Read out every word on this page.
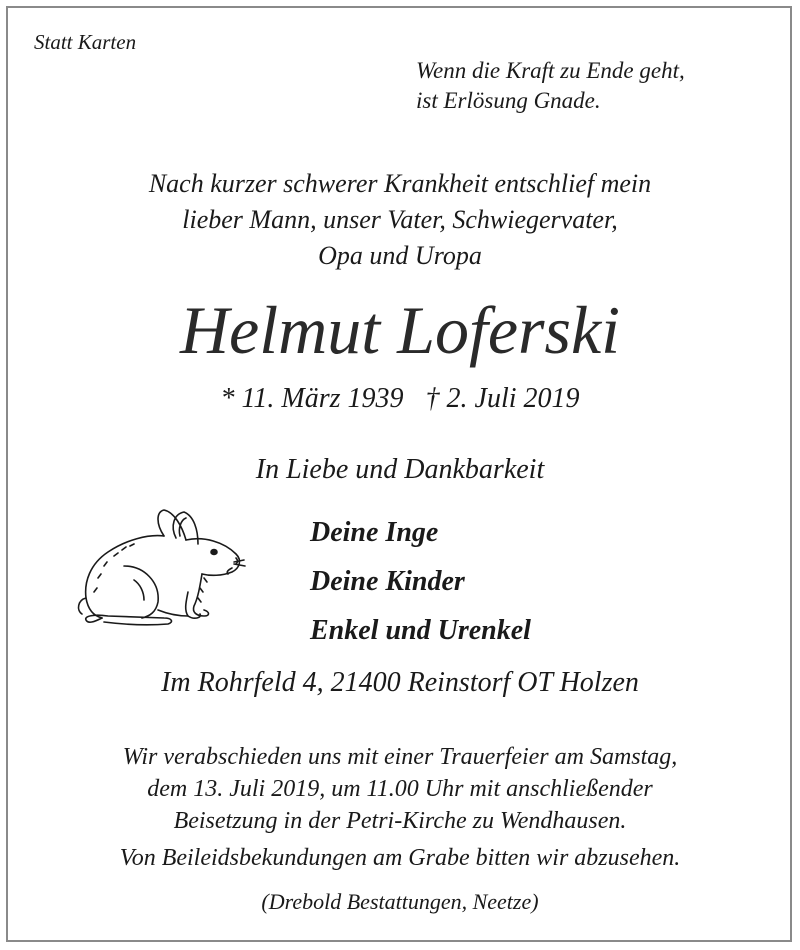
Statt Karten
Wenn die Kraft zu Ende geht,
ist Erlösung Gnade.
Nach kurzer schwerer Krankheit entschlief mein
lieber Mann, unser Vater, Schwiegervater,
Opa und Uropa
Helmut Loferski
* 11. März 1939 † 2. Juli 2019
In Liebe und Dankbarkeit
Deine Inge
Deine Kinder
Enkel und Urenkel
Im Rohrfeld 4, 21400 Reinstorf OT Holzen
Wir verabschieden uns mit einer Trauerfeier am Samstag,
dem 13. Juli 2019, um 11.00 Uhr mit anschließender
Beisetzung in der Petri-Kirche zu Wendhausen.
Von Beileidsbekundungen am Grabe bitten wir abzusehen.
(Drebold Bestattungen, Neetze)
